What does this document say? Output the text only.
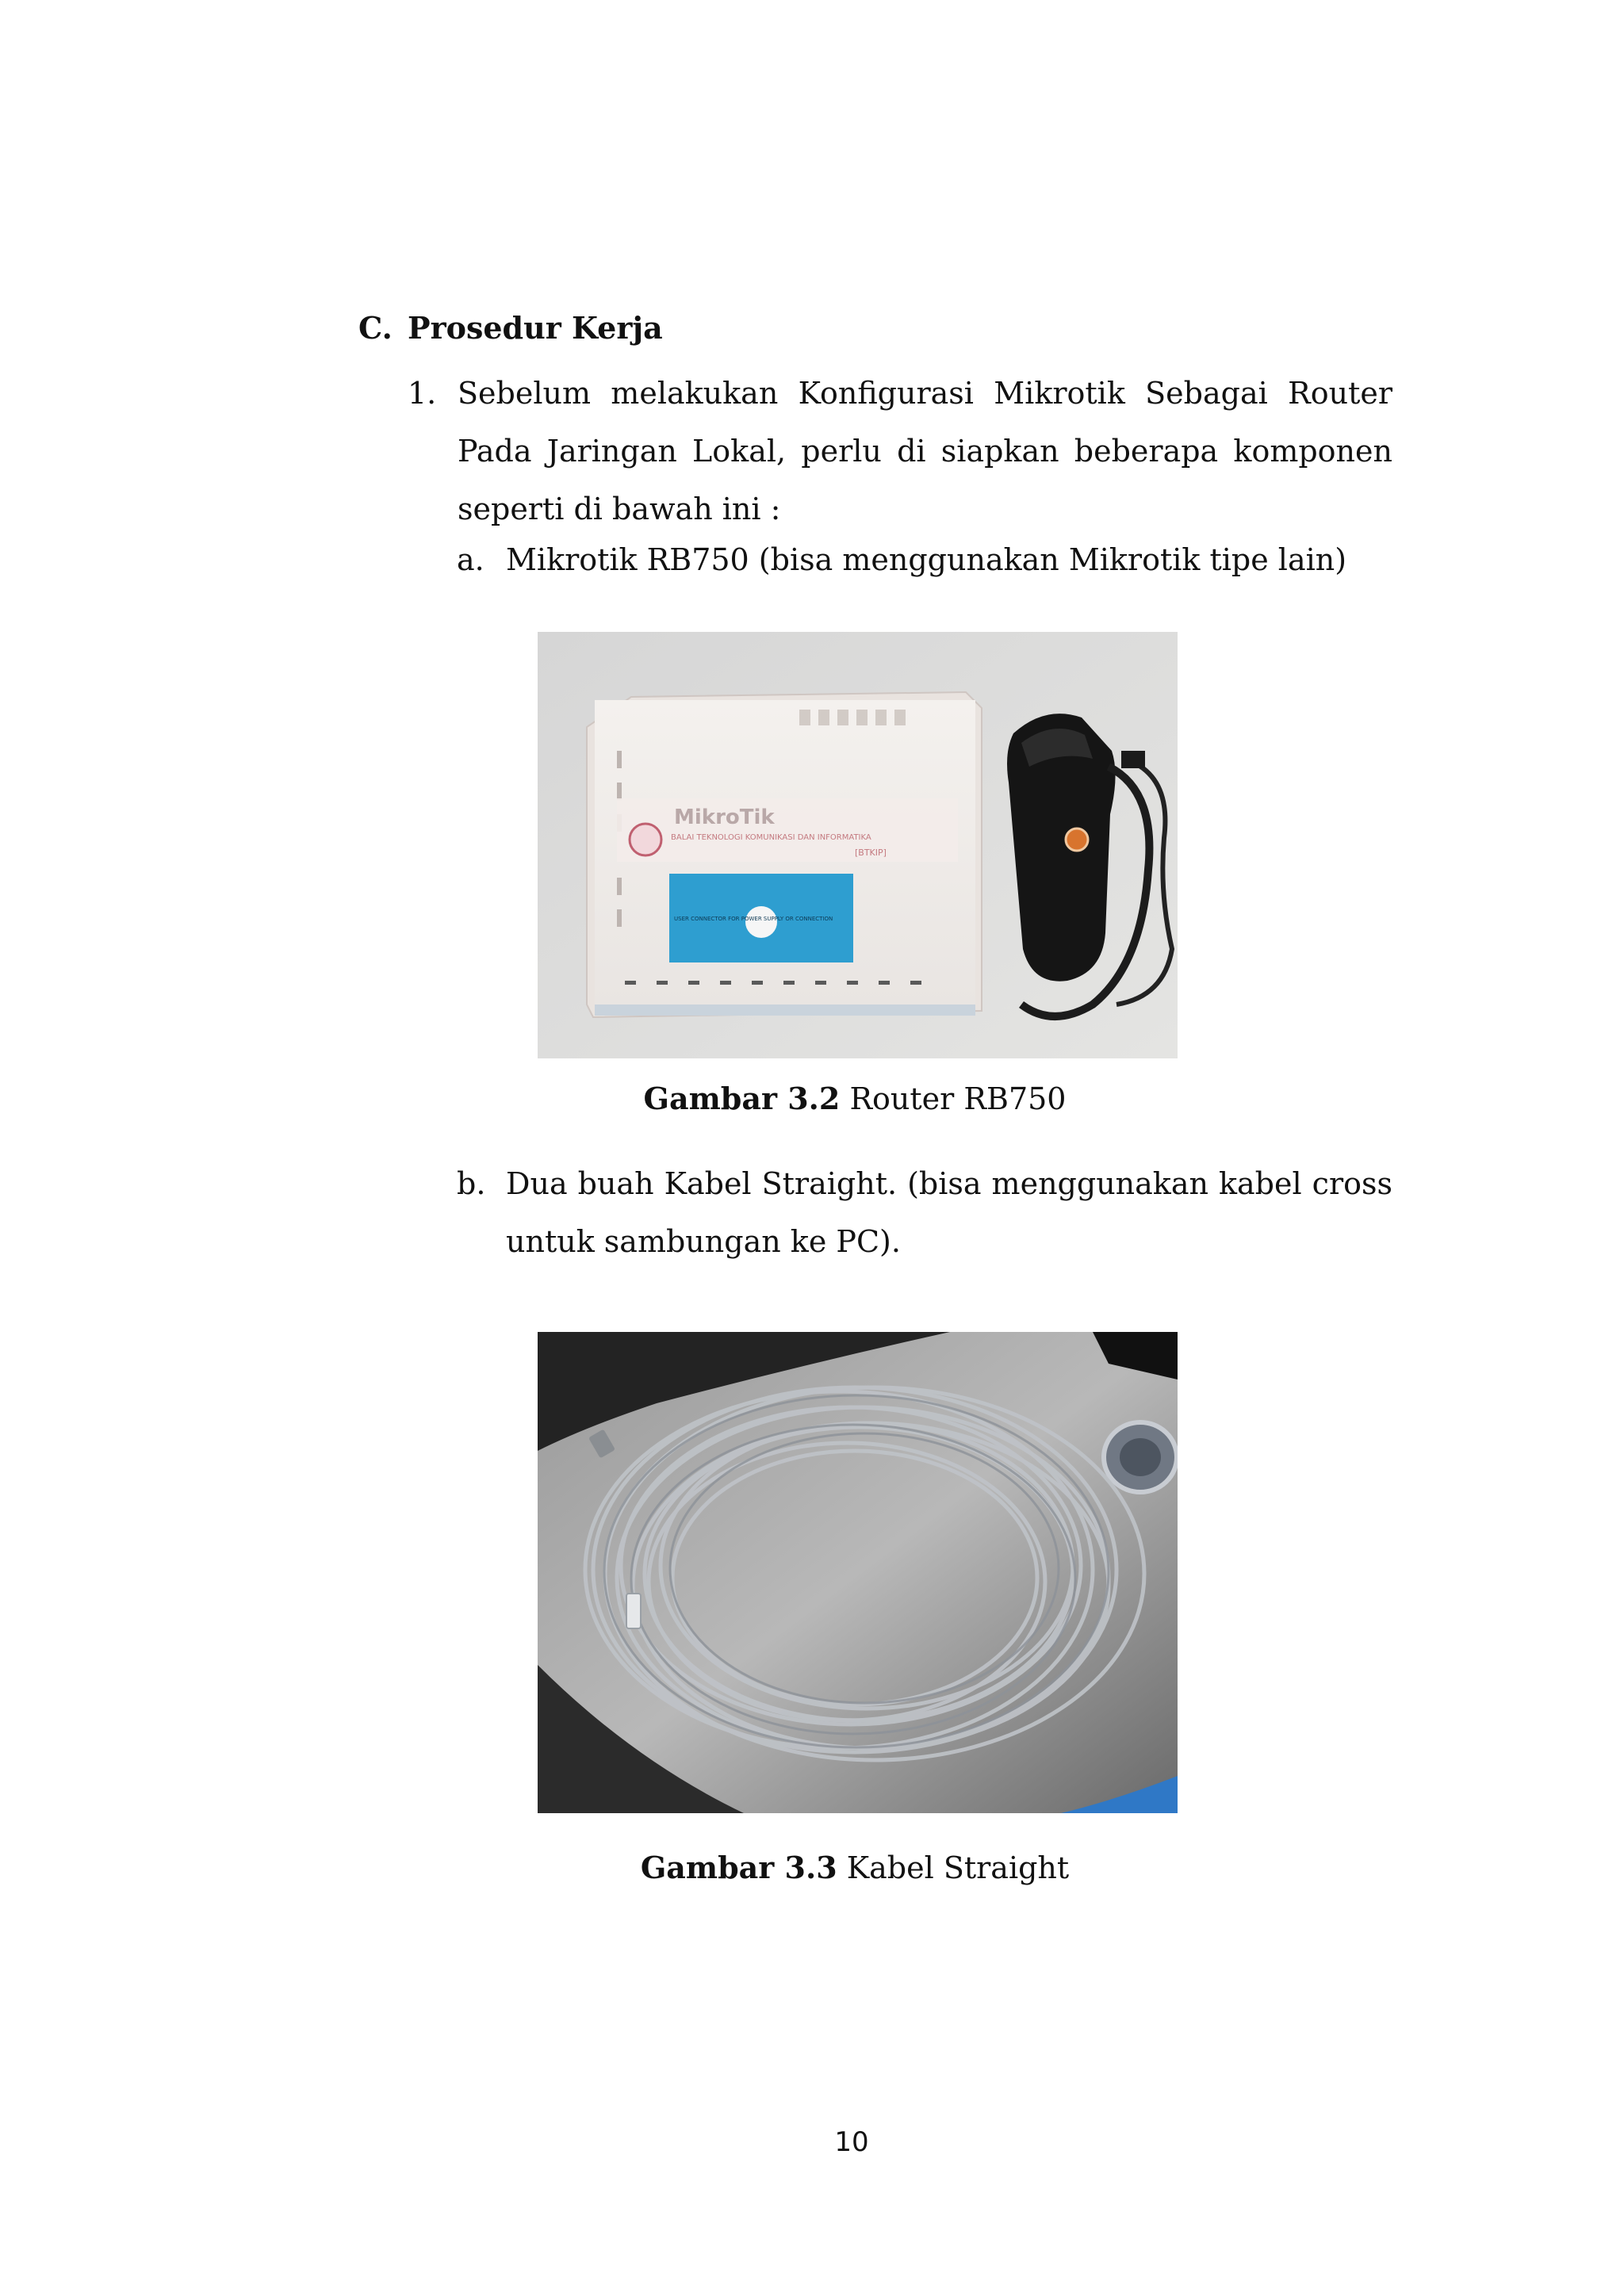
C. Prosedur Kerja
1. Sebelum melakukan Konfigurasi Mikrotik Sebagai Router Pada Jaringan Lokal, perlu di siapkan beberapa komponen seperti di bawah ini :
a. Mikrotik RB750 (bisa menggunakan Mikrotik tipe lain)
MikroTik
BALAI TEKNOLOGI KOMUNIKASI DAN INFORMATIKA
[BTKIP]
USER CONNECTOR FOR POWER SUPPLY OR CONNECTION
Gambar 3.2 Router RB750
b. Dua buah Kabel Straight. (bisa menggunakan kabel cross untuk sambungan ke PC).
Gambar 3.3 Kabel Straight
10
